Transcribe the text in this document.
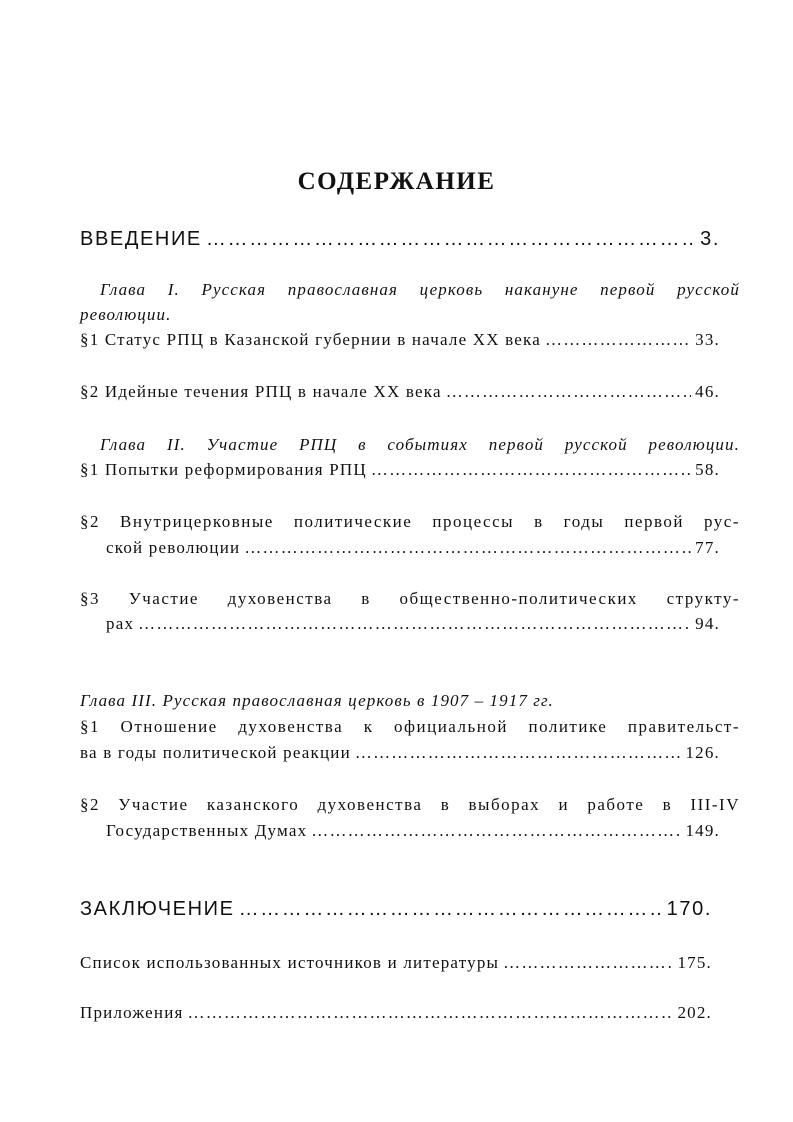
СОДЕРЖАНИЕ
ВВЕДЕНИЕ …………………………………………………………………………………………………………………………………………………………………………………………………………………………	3.
Глава I. Русская православная церковь накануне первой русской
революции.
§1 Статус РПЦ в Казанской губернии в начале ХХ века …………………………………………………………………………………………………………………………………………………………………………………………………………………………	33.
§2 Идейные течения РПЦ в начале ХХ века …………………………………………………………………………………………………………………………………………………………………………………………………………………………	46.
Глава II. Участие РПЦ в событиях первой русской революции.
§1 Попытки реформирования РПЦ …………………………………………………………………………………………………………………………………………………………………………………………………………………………	58.
§2 Внутрицерковные политические процессы в годы первой рус-
ской революции …………………………………………………………………………………………………………………………………………………………………………………………………………………………	77.
§3 Участие духовенства в общественно-политических структу-
рах …………………………………………………………………………………………………………………………………………………………………………………………………………………………	94.
Глава III. Русская православная церковь в 1907 – 1917 гг.
§1 Отношение духовенства к официальной политике правительст-
ва в годы политической реакции …………………………………………………………………………………………………………………………………………………………………………………………………………………………	126.
§2 Участие казанского духовенства в выборах и работе в III-IV
Государственных Думах …………………………………………………………………………………………………………………………………………………………………………………………………………………………	149.
ЗАКЛЮЧЕНИЕ …………………………………………………………………………………………………………………………………………………………………………………………………………………………	170.
Список использованных источников и литературы …………………………………………………………………………………………………………………………………………………………………………………………………………………………	175.
Приложения …………………………………………………………………………………………………………………………………………………………………………………………………………………………	202.
